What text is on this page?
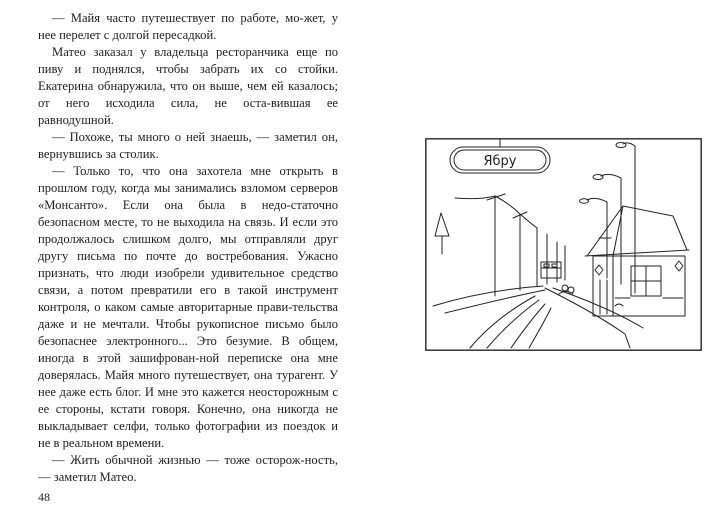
— Майя часто путешествует по работе, мо-жет, у нее перелет с долгой пересадкой.

Матео заказал у владельца ресторанчика еще по пиву и поднялся, чтобы забрать их со стойки. Екатерина обнаружила, что он выше, чем ей казалось; от него исходила сила, не оста-вившая ее равнодушной.

— Похоже, ты много о ней знаешь, — заметил он, вернувшись за столик.

— Только то, что она захотела мне открыть в прошлом году, когда мы занимались взломом серверов «Монсанто». Если она была в недо-статочно безопасном месте, то не выходила на связь. И если это продолжалось слишком долго, мы отправляли друг другу письма по почте до востребования. Ужасно признать, что люди изобрели удивительное средство связи, а потом превратили его в такой инструмент контроля, о каком самые авторитарные прави-тельства даже и не мечтали. Чтобы рукописное письмо было безопаснее электронного... Это безумие. В общем, иногда в этой зашифрован-ной переписке она мне доверялась. Майя много путешествует, она турагент. У нее даже есть блог. И мне это кажется неосторожным с ее стороны, кстати говоря. Конечно, она никогда не выкладывает селфи, только фотографии из поездок и не в реальном времени.

— Жить обычной жизнью — тоже осторож-ность, — заметил Матео.

48
Ябру
